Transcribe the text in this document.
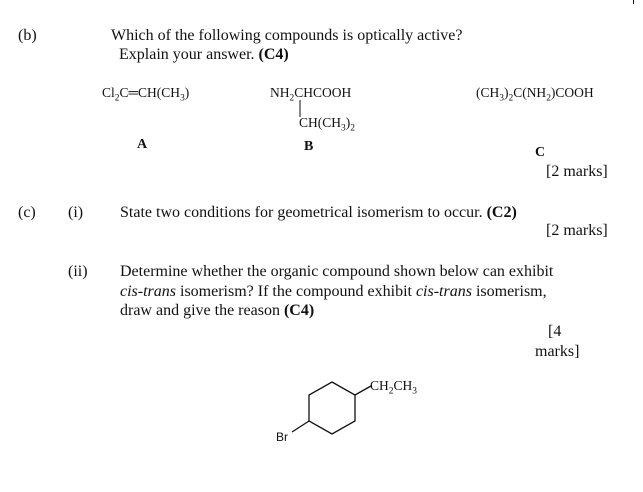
(b)	Which of the following compounds is optically active?
Explain your answer. (C4)
$Cl_2C═CH(CH_3)$	$NH_2CHCOOH$
$CH(CH_3)_2$
$(CH_3)_2C(NH_2)COOH$
A	B	C
[2 marks]
(c) (i) State two conditions for geometrical isomerism to occur. (C2)
[2 marks]
(ii) Determine whether the organic compound shown below can exhibit
cis-trans isomerism? If the compound exhibit cis-trans isomerism,
draw and give the reason (C4)
[4
marks]
$CH_2CH_3$
Br
